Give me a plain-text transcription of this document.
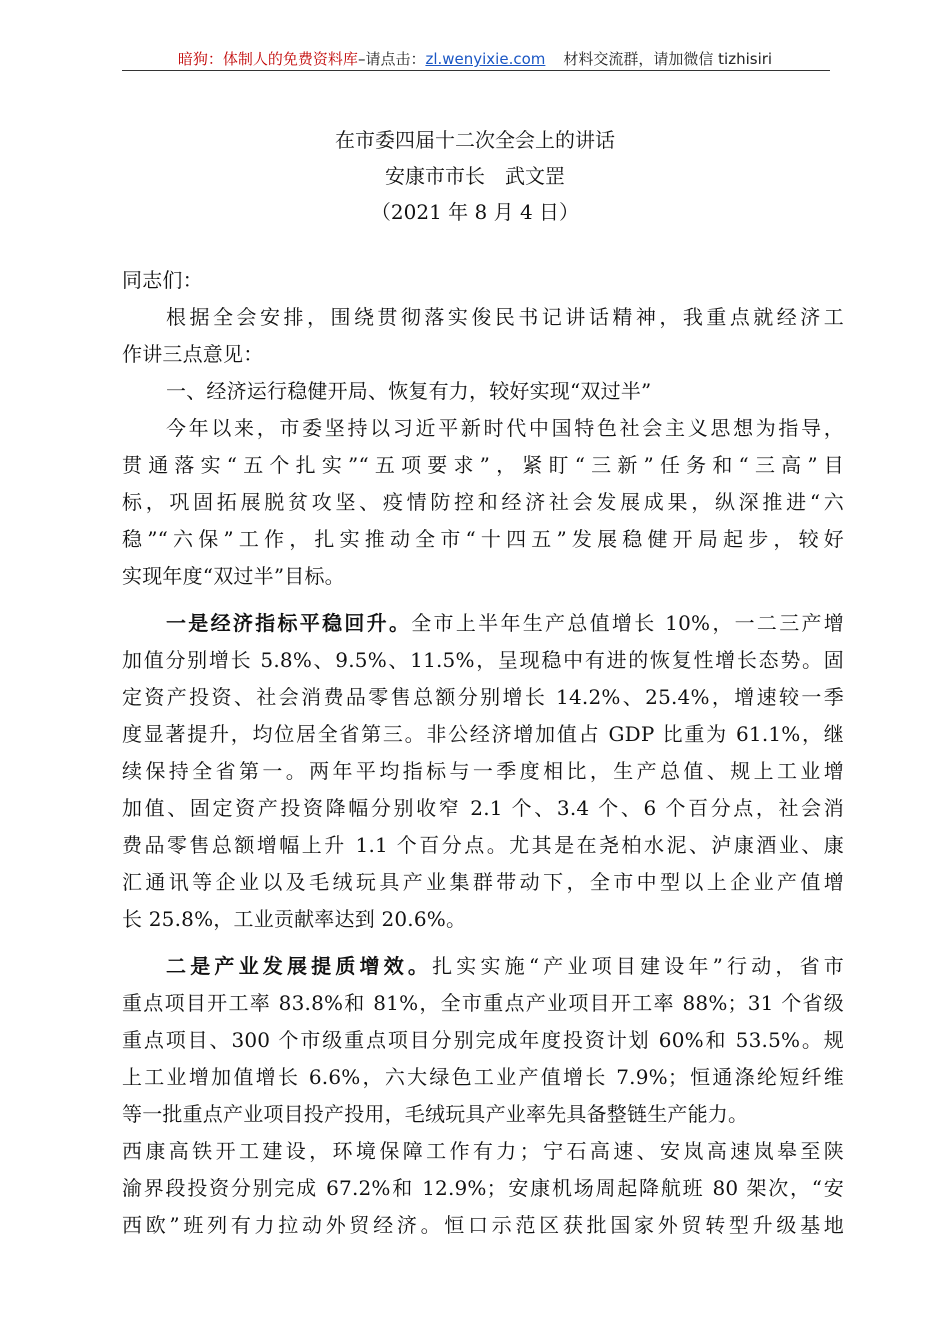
暗狗：体制人的免费资料库–请点击：zl.wenyixie.com 材料交流群，请加微信 tizhisiri
在市委四届十二次全会上的讲话
安康市市长　武文罡
（2021 年 8 月 4 日）
同志们：
根据全会安排，围绕贯彻落实俊民书记讲话精神，我重点就经济工
作讲三点意见：
一、经济运行稳健开局、恢复有力，较好实现“双过半”
今年以来，市委坚持以习近平新时代中国特色社会主义思想为指导，
贯通落实“五个扎实”“五项要求”，紧盯“三新”任务和“三高”目
标，巩固拓展脱贫攻坚、疫情防控和经济社会发展成果，纵深推进“六
稳”“六保”工作，扎实推动全市“十四五”发展稳健开局起步，较好
实现年度“双过半”目标。
一是经济指标平稳回升。全市上半年生产总值增长 10%，一二三产增
加值分别增长 5.8%、9.5%、11.5%，呈现稳中有进的恢复性增长态势。固
定资产投资、社会消费品零售总额分别增长 14.2%、25.4%，增速较一季
度显著提升，均位居全省第三。非公经济增加值占 GDP 比重为 61.1%，继
续保持全省第一。两年平均指标与一季度相比，生产总值、规上工业增
加值、固定资产投资降幅分别收窄 2.1 个、3.4 个、6 个百分点，社会消
费品零售总额增幅上升 1.1 个百分点。尤其是在尧柏水泥、泸康酒业、康
汇通讯等企业以及毛绒玩具产业集群带动下，全市中型以上企业产值增
长 25.8%，工业贡献率达到 20.6%。
二是产业发展提质增效。扎实实施“产业项目建设年”行动，省市
重点项目开工率 83.8%和 81%，全市重点产业项目开工率 88%；31 个省级
重点项目、300 个市级重点项目分别完成年度投资计划 60%和 53.5%。规
上工业增加值增长 6.6%，六大绿色工业产值增长 7.9%；恒通涤纶短纤维
等一批重点产业项目投产投用，毛绒玩具产业率先具备整链生产能力。
西康高铁开工建设，环境保障工作有力；宁石高速、安岚高速岚皋至陕
渝界段投资分别完成 67.2%和 12.9%；安康机场周起降航班 80 架次，“安
西欧”班列有力拉动外贸经济。恒口示范区获批国家外贸转型升级基地
